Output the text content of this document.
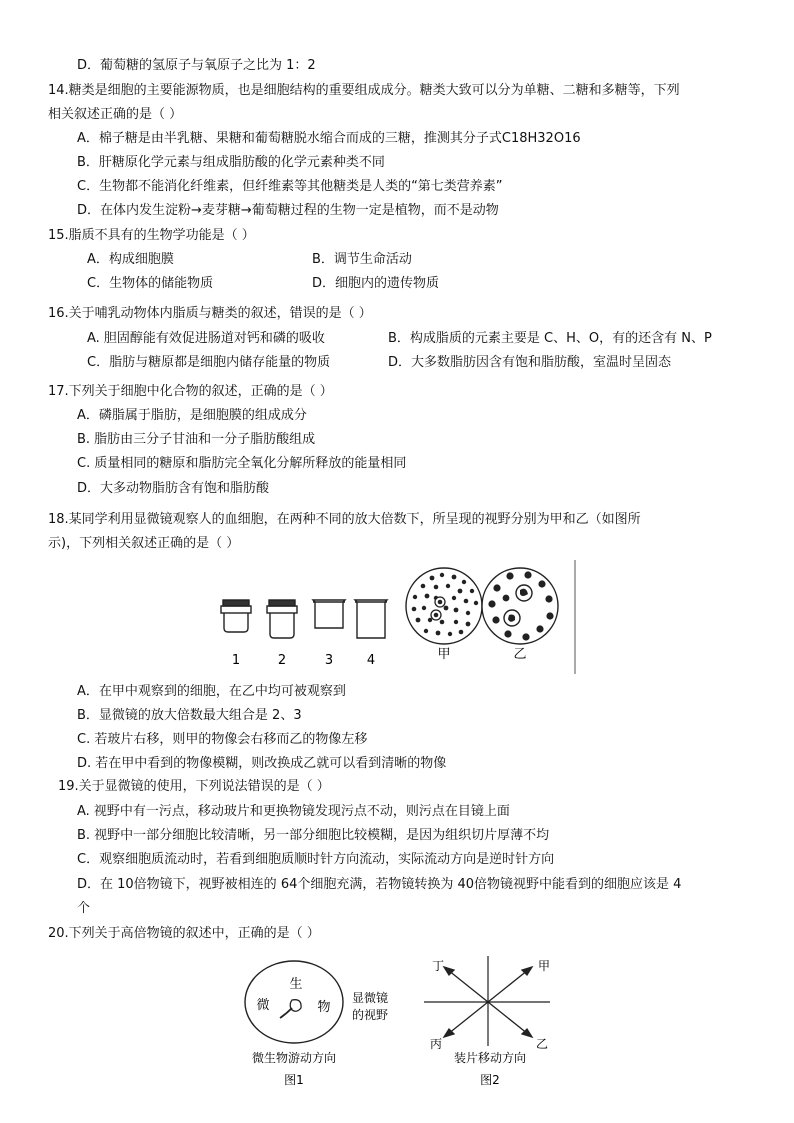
D．葡萄糖的氢原子与氧原子之比为 1：2
14.糖类是细胞的主要能源物质，也是细胞结构的重要组成成分。糖类大致可以分为单糖、二糖和多糖等，下列
相关叙述正确的是（ ）
A．棉子糖是由半乳糖、果糖和葡萄糖脱水缩合而成的三糖，推测其分子式C18H32O16
B．肝糖原化学元素与组成脂肪酸的化学元素种类不同
C．生物都不能消化纤维素，但纤维素等其他糖类是人类的“第七类营养素”
D．在体内发生淀粉→麦芽糖→葡萄糖过程的生物一定是植物，而不是动物
15.脂质不具有的生物学功能是（ ）
A．构成细胞膜	B．调节生命活动
C．生物体的储能物质	D．细胞内的遗传物质
16.关于哺乳动物体内脂质与糖类的叙述，错误的是（ ）
A. 胆固醇能有效促进肠道对钙和磷的吸收	B．构成脂质的元素主要是 C、H、O，有的还含有 N、P
C．脂肪与糖原都是细胞内储存能量的物质	D．大多数脂肪因含有饱和脂肪酸，室温时呈固态
17.下列关于细胞中化合物的叙述，正确的是（ ）
A．磷脂属于脂肪，是细胞膜的组成成分
B. 脂肪由三分子甘油和一分子脂肪酸组成
C. 质量相同的糖原和脂肪完全氧化分解所释放的能量相同
D．大多动物脂肪含有饱和脂肪酸
18.某同学利用显微镜观察人的血细胞，在两种不同的放大倍数下，所呈现的视野分别为甲和乙（如图所
示)，下列相关叙述正确的是（ ）
1	2	3	4	甲	乙
A．在甲中观察到的细胞，在乙中均可被观察到
B．显微镜的放大倍数最大组合是 2、3
C. 若玻片右移，则甲的物像会右移而乙的物像左移
D. 若在甲中看到的物像模糊，则改换成乙就可以看到清晰的物像
19.关于显微镜的使用，下列说法错误的是（ ）
A. 视野中有一污点，移动玻片和更换物镜发现污点不动，则污点在目镜上面
B. 视野中一部分细胞比较清晰，另一部分细胞比较模糊，是因为组织切片厚薄不均
C．观察细胞质流动时，若看到细胞质顺时针方向流动，实际流动方向是逆时针方向
D．在 10倍物镜下，视野被相连的 64个细胞充满，若物镜转换为 40倍物镜视野中能看到的细胞应该是 4
个
20.下列关于高倍物镜的叙述中，正确的是（ ）
生
微	物
显微镜
的视野
微生物游动方向
图1
丁	甲
丙	乙
装片移动方向
图2
